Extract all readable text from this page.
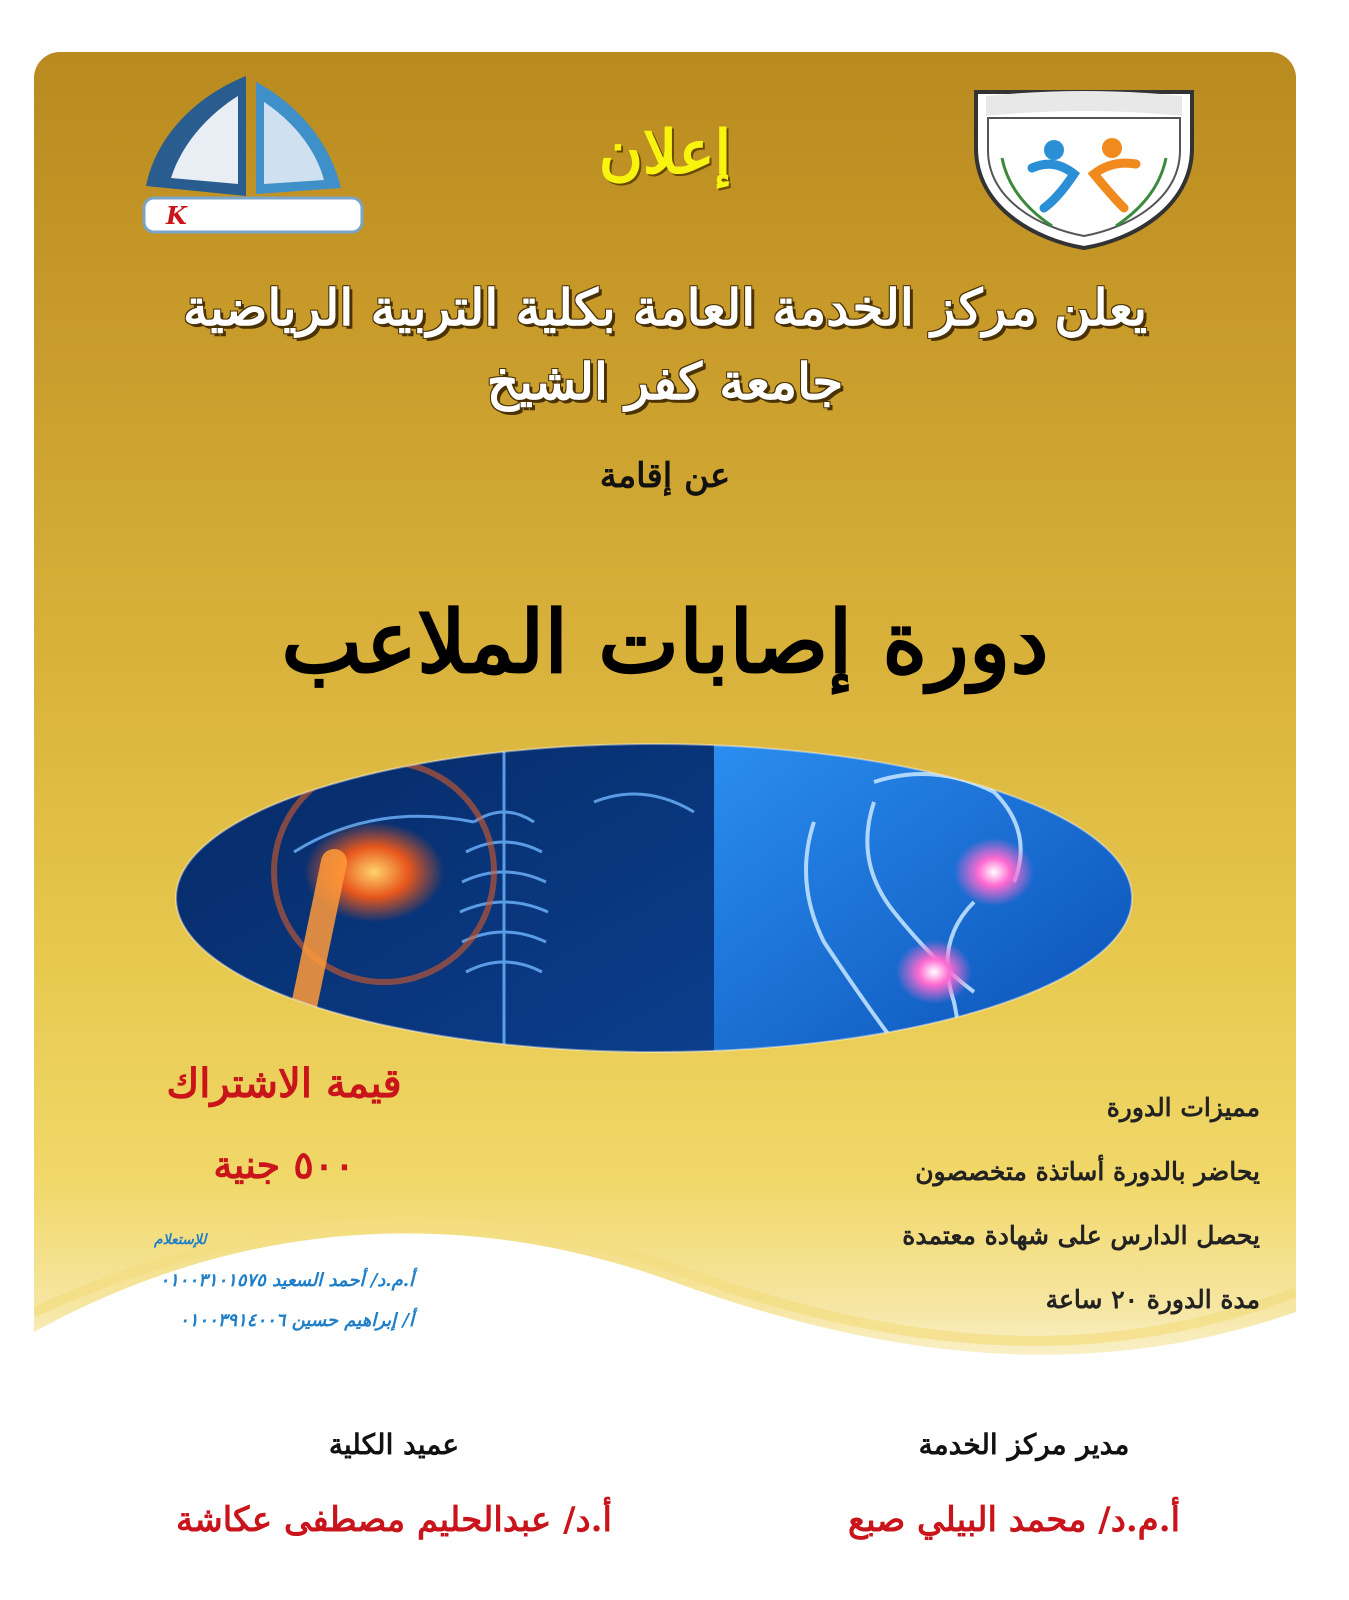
K
إعلان
يعلن مركز الخدمة العامة بكلية التربية الرياضية
جامعة كفر الشيخ
عن إقامة
دورة إصابات الملاعب
قيمة الاشتراك
٥٠٠ جنية
للإستعلام
أ.م.د/ أحمد السعيد ٠١٠٠٣١٠١٥٧٥
أ/ إبراهيم حسين ٠١٠٠٣٩١٤٠٠٦
مميزات الدورة
يحاضر بالدورة أساتذة متخصصون
يحصل الدارس على شهادة معتمدة
مدة الدورة ٢٠ ساعة
عميد الكلية
أ.د/ عبدالحليم مصطفى عكاشة
مدير مركز الخدمة
أ.م.د/ محمد البيلي صبع
